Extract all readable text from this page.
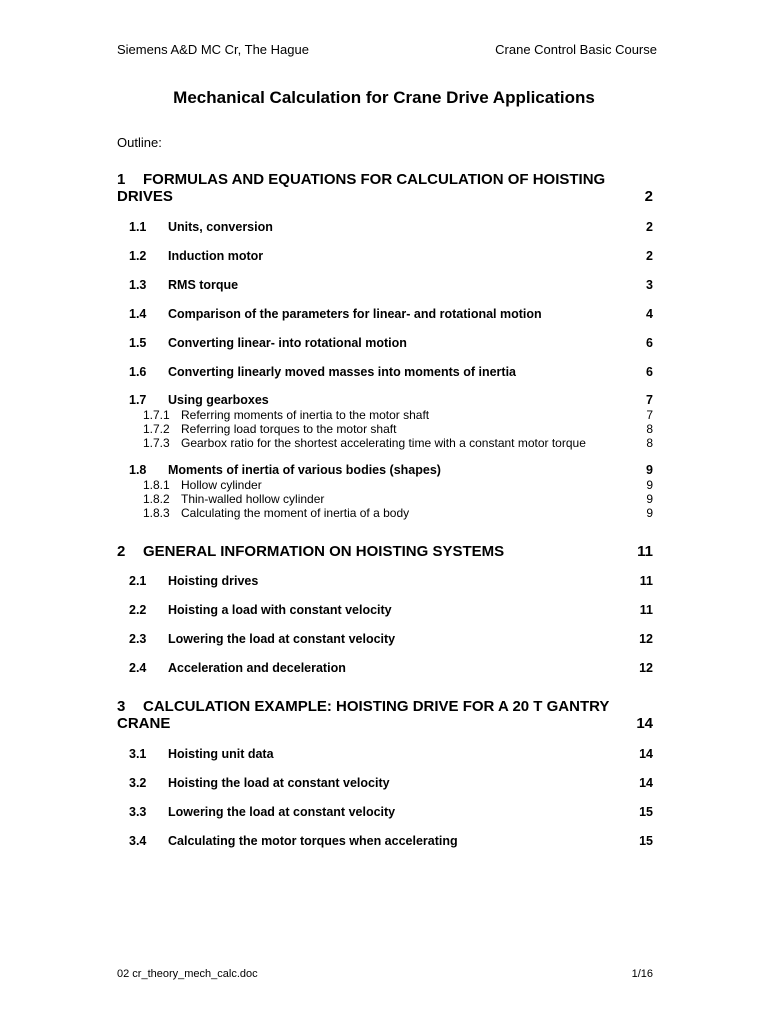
Siemens A&D MC Cr, The Hague	Crane Control Basic Course
Mechanical Calculation for Crane Drive Applications
Outline:
1 FORMULAS AND EQUATIONS FOR CALCULATION OF HOISTING
DRIVES	2
1.1 Units, conversion	2
1.2 Induction motor	2
1.3 RMS torque	3
1.4 Comparison of the parameters for linear- and rotational motion	4
1.5 Converting linear- into rotational motion	6
1.6 Converting linearly moved masses into moments of inertia	6
1.7 Using gearboxes	7
1.7.1 Referring moments of inertia to the motor shaft	7
1.7.2 Referring load torques to the motor shaft	8
1.7.3 Gearbox ratio for the shortest accelerating time with a constant motor torque	8
1.8 Moments of inertia of various bodies (shapes)	9
1.8.1 Hollow cylinder	9
1.8.2 Thin-walled hollow cylinder	9
1.8.3 Calculating the moment of inertia of a body	9
2 GENERAL INFORMATION ON HOISTING SYSTEMS	11
2.1 Hoisting drives	11
2.2 Hoisting a load with constant velocity	11
2.3 Lowering the load at constant velocity	12
2.4 Acceleration and deceleration	12
3 CALCULATION EXAMPLE: HOISTING DRIVE FOR A 20 T GANTRY
CRANE	14
3.1 Hoisting unit data	14
3.2 Hoisting the load at constant velocity	14
3.3 Lowering the load at constant velocity	15
3.4 Calculating the motor torques when accelerating	15
02 cr_theory_mech_calc.doc	1/16
